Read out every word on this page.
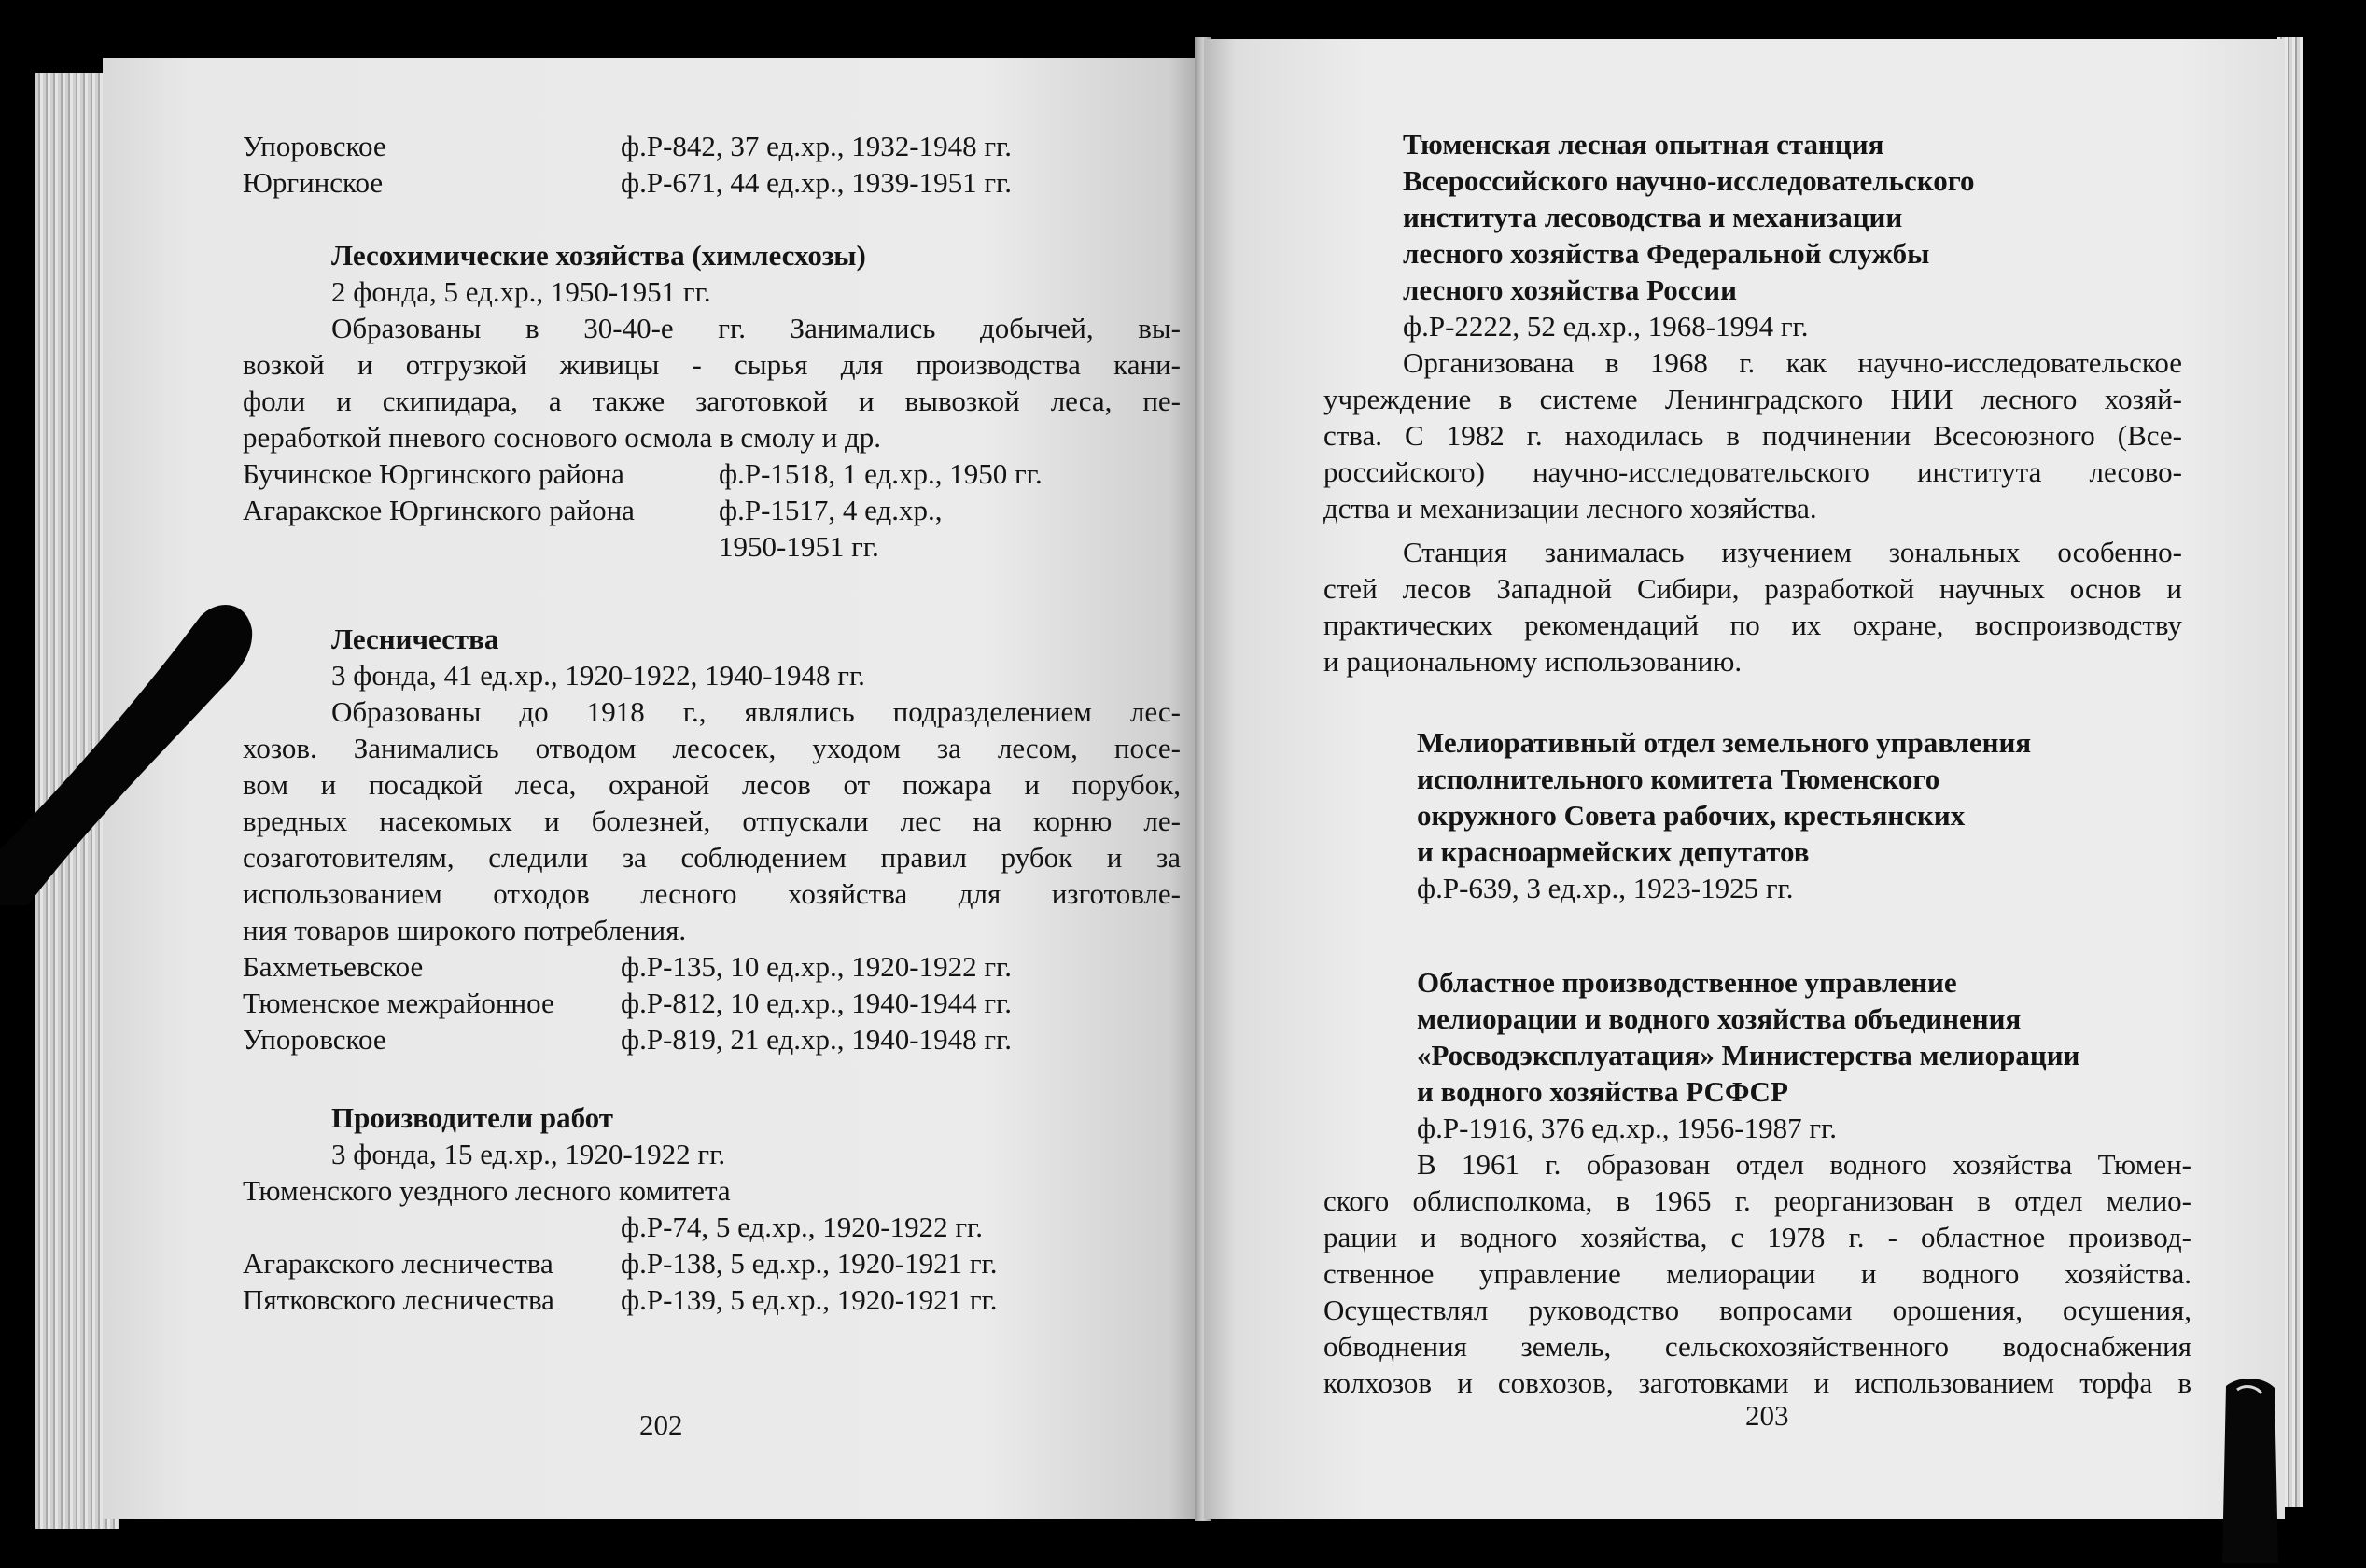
Упоровское	ф.Р-842, 37 ед.хр., 1932-1948 гг.
Юргинское	ф.Р-671, 44 ед.хр., 1939-1951 гг.
Лесохимические хозяйства (химлесхозы)
2 фонда, 5 ед.хр., 1950-1951 гг.
Образованы в 30-40-е гг. Занимались добычей, вы-
возкой и отгрузкой живицы - сырья для производства кани-
фоли и скипидара, а также заготовкой и вывозкой леса, пе-
реработкой пневого соснового осмола в смолу и др.
Бучинское Юргинского района	ф.Р-1518, 1 ед.хр., 1950 гг.
Агаракское Юргинского района	ф.Р-1517, 4 ед.хр.,
1950-1951 гг.
Лесничества
3 фонда, 41 ед.хр., 1920-1922, 1940-1948 гг.
Образованы до 1918 г., являлись подразделением лес-
хозов. Занимались отводом лесосек, уходом за лесом, посе-
вом и посадкой леса, охраной лесов от пожара и порубок,
вредных насекомых и болезней, отпускали лес на корню ле-
созаготовителям, следили за соблюдением правил рубок и за
использованием отходов лесного хозяйства для изготовле-
ния товаров широкого потребления.
Бахметьевское	ф.Р-135, 10 ед.хр., 1920-1922 гг.
Тюменское межрайонное	ф.Р-812, 10 ед.хр., 1940-1944 гг.
Упоровское	ф.Р-819, 21 ед.хр., 1940-1948 гг.
Производители работ
3 фонда, 15 ед.хр., 1920-1922 гг.
Тюменского уездного лесного комитета
ф.Р-74, 5 ед.хр., 1920-1922 гг.
Агаракского лесничества	ф.Р-138, 5 ед.хр., 1920-1921 гг.
Пятковского лесничества	ф.Р-139, 5 ед.хр., 1920-1921 гг.
202
Тюменская лесная опытная станция
Всероссийского научно-исследовательского
института лесоводства и механизации
лесного хозяйства Федеральной службы
лесного хозяйства России
ф.Р-2222, 52 ед.хр., 1968-1994 гг.
Организована в 1968 г. как научно-исследовательское
учреждение в системе Ленинградского НИИ лесного хозяй-
ства. С 1982 г. находилась в подчинении Всесоюзного (Все-
российского) научно-исследовательского института лесово-
дства и механизации лесного хозяйства.
Станция занималась изучением зональных особенно-
стей лесов Западной Сибири, разработкой научных основ и
практических рекомендаций по их охране, воспроизводству
и рациональному использованию.
Мелиоративный отдел земельного управления
исполнительного комитета Тюменского
окружного Совета рабочих, крестьянских
и красноармейских депутатов
ф.Р-639, 3 ед.хр., 1923-1925 гг.
Областное производственное управление
мелиорации и водного хозяйства объединения
«Росводэксплуатация» Министерства мелиорации
и водного хозяйства РСФСР
ф.Р-1916, 376 ед.хр., 1956-1987 гг.
В 1961 г. образован отдел водного хозяйства Тюмен-
ского облисполкома, в 1965 г. реорганизован в отдел мелио-
рации и водного хозяйства, с 1978 г. - областное производ-
ственное управление мелиорации и водного хозяйства.
Осуществлял руководство вопросами орошения, осушения,
обводнения земель, сельскохозяйственного водоснабжения
колхозов и совхозов, заготовками и использованием торфа в
203
